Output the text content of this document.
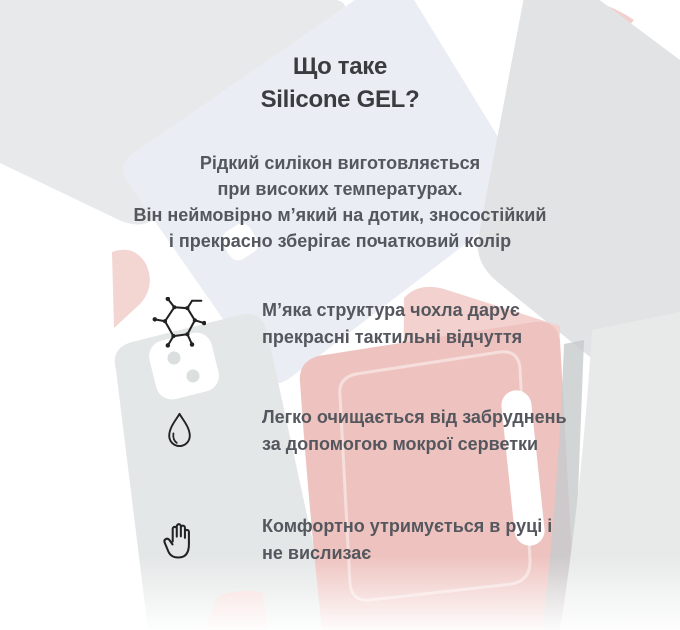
Що таке
Silicone GEL?
Рідкий силікон виготовляється
при високих температурах.
Він неймовірно м’який на дотик, зносостійкий
і прекрасно зберігає початковий колір
М’яка структура чохла дарує
прекрасні тактильні відчуття
Легко очищається від забруднень
за допомогою мокрої серветки
Комфортно утримується в руці і
не вислизає
